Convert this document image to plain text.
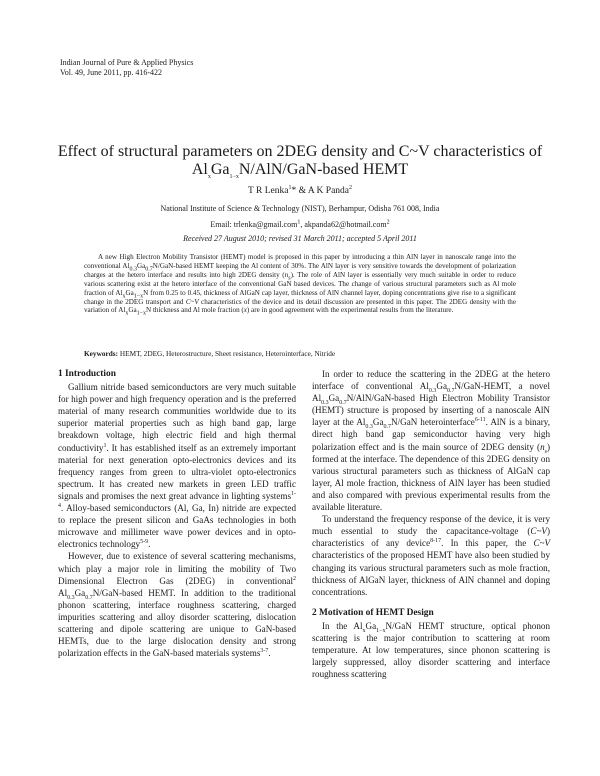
Indian Journal of Pure & Applied Physics
Vol. 49, June 2011, pp. 416-422
Effect of structural parameters on 2DEG density and C~V characteristics of
$Al_xGa_{1-x}N/AlN/GaN$-based HEMT
T R Lenka$^1$* & A K Panda$^2$
National Institute of Science & Technology (NIST), Berhampur, Odisha 761 008, India
Email: trlenka@gmail.com$^1$, akpanda62@hotmail.com$^2$
Received 27 August 2010; revised 31 March 2011; accepted 5 April 2011
A new High Electron Mobility Transistor (HEMT) model is proposed in this paper by introducing a thin AlN layer in nanoscale range into the conventional $Al_{0.3}Ga_{0.7}N/GaN$-based HEMT keeping the Al content of 30%. The AlN layer is very sensitive towards the development of polarization charges at the hetero interface and results into high 2DEG density $(n_s)$. The role of AlN layer is essentially very much suitable in order to reduce various scattering exist at the hetero interface of the conventional GaN based devices. The change of various structural parameters such as Al mole fraction of $Al_xGa_{1-x}N$ from 0.25 to 0.45, thickness of AlGaN cap layer, thickness of AlN channel layer, doping concentrations give rise to a significant change in the 2DEG transport and C~V characteristics of the device and its detail discussion are presented in this paper. The 2DEG density with the variation of $Al_xGa_{1-x}N$ thickness and Al mole fraction (x) are in good agreement with the experimental results from the literature.
Keywords: HEMT, 2DEG, Heterostructure, Sheet resistance, Heterointerface, Nitride
1 Introduction

Gallium nitride based semiconductors are very much suitable for high power and high frequency operation and is the preferred material of many research communities worldwide due to its superior material properties such as high band gap, large breakdown voltage, high electric field and high thermal conductivity$^1$. It has established itself as an extremely important material for next generation opto-electronics devices and its frequency ranges from green to ultra-violet opto-electronics spectrum. It has created new markets in green LED traffic signals and promises the next great advance in lighting systems$^{1-4}$. Alloy-based semiconductors (Al, Ga, In) nitride are expected to replace the present silicon and GaAs technologies in both microwave and millimeter wave power devices and in opto-electronics technology$^{5-9}$.

However, due to existence of several scattering mechanisms, which play a major role in limiting the mobility of Two Dimensional Electron Gas (2DEG) in conventional$^2$ $Al_{0.3}Ga_{0.7}N/GaN$-based HEMT. In addition to the traditional phonon scattering, interface roughness scattering, charged impurities scattering and alloy disorder scattering, dislocation scattering and dipole scattering are unique to GaN-based HEMTs, due to the large dislocation density and strong polarization effects in the GaN-based materials systems$^{3-7}$.

In order to reduce the scattering in the 2DEG at the hetero interface of conventional $Al_{0.3}Ga_{0.7}N/GaN$-HEMT, a novel $Al_{0.3}Ga_{0.7}N/AlN/GaN$-based High Electron Mobility Transistor (HEMT) structure is proposed by inserting of a nanoscale AlN layer at the $Al_{0.3}Ga_{0.7}N$/GaN heterointerface$^{6-11}$. AlN is a binary, direct high band gap semiconductor having very high polarization effect and is the main source of 2DEG density $(n_s)$ formed at the interface. The dependence of this 2DEG density on various structural parameters such as thickness of AlGaN cap layer, Al mole fraction, thickness of AlN layer has been studied and also compared with previous experimental results from the available literature.

To understand the frequency response of the device, it is very much essential to study the capacitance-voltage (C~V) characteristics of any device$^{8-17}$. In this paper, the C~V characteristics of the proposed HEMT have also been studied by changing its various structural parameters such as mole fraction, thickness of AlGaN layer, thickness of AlN channel and doping concentrations.

2 Motivation of HEMT Design

In the $Al_xGa_{1-x}N$/GaN HEMT structure, optical phonon scattering is the major contribution to scattering at room temperature. At low temperatures, since phonon scattering is largely suppressed, alloy disorder scattering and interface roughness scattering
